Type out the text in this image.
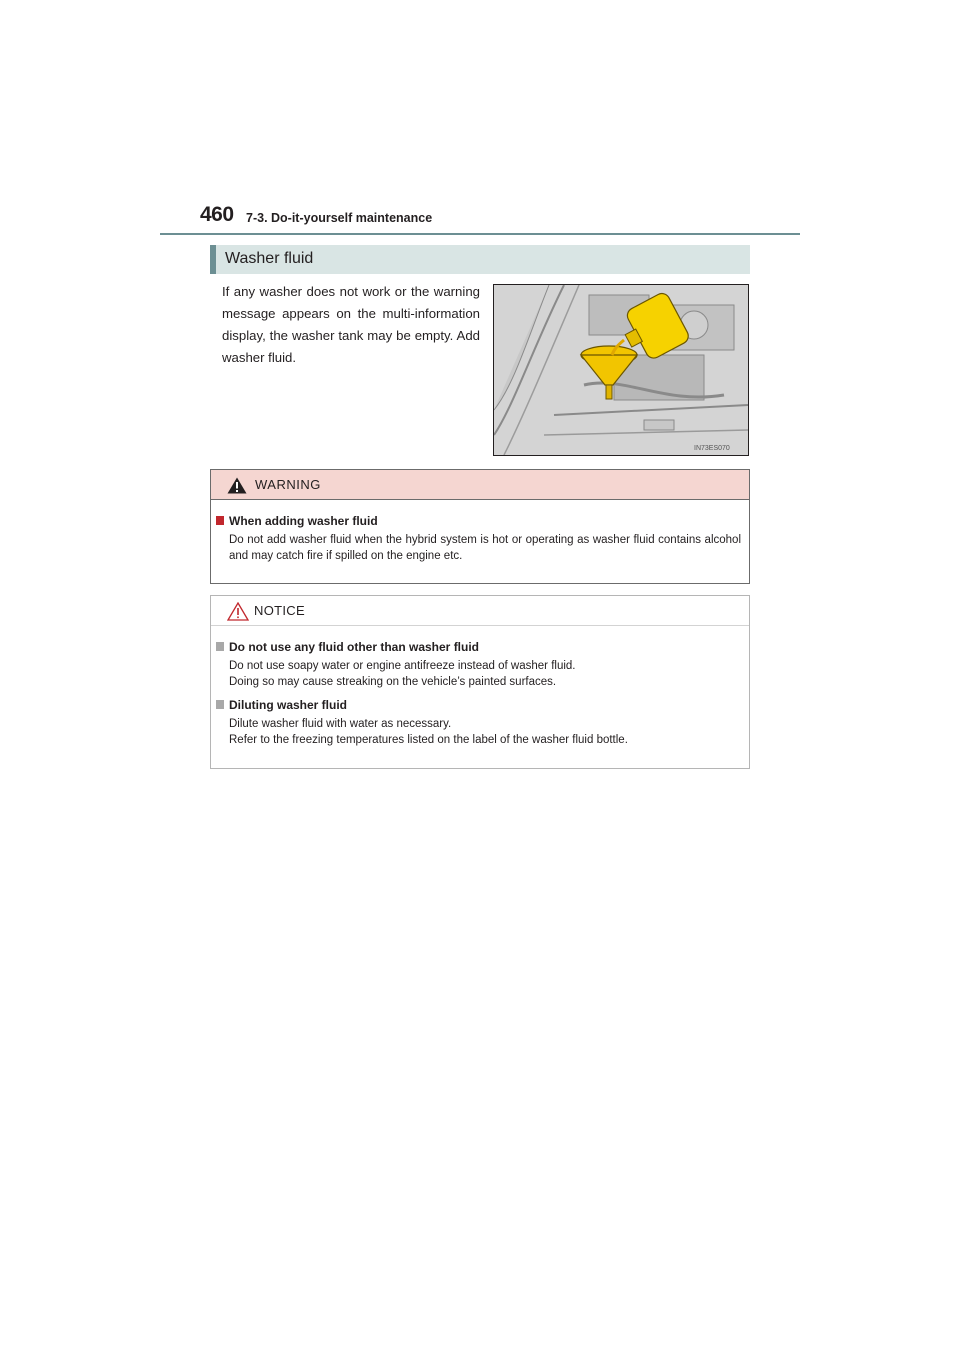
460 7-3. Do-it-yourself maintenance
Washer fluid
If any washer does not work or the warning message appears on the multi-information display, the washer tank may be empty. Add washer fluid.
IN73ES070
WARNING
When adding washer fluid
Do not add washer fluid when the hybrid system is hot or operating as washer fluid contains alcohol and may catch fire if spilled on the engine etc.
NOTICE
Do not use any fluid other than washer fluid
Do not use soapy water or engine antifreeze instead of washer fluid.
Doing so may cause streaking on the vehicle’s painted surfaces.
Diluting washer fluid
Dilute washer fluid with water as necessary.
Refer to the freezing temperatures listed on the label of the washer fluid bottle.
